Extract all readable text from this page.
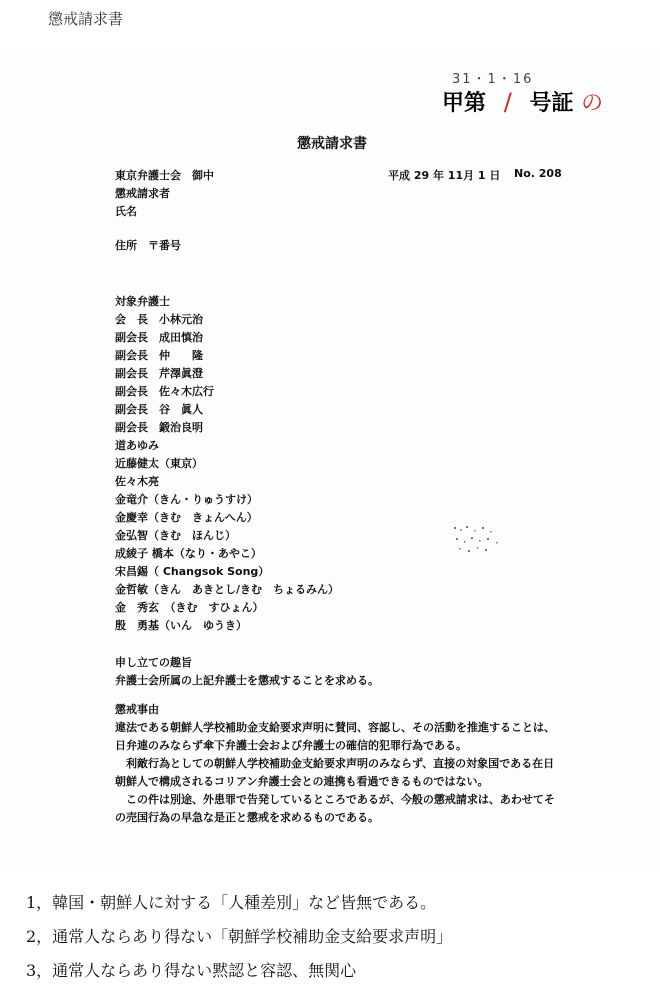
懲戒請求書
31・1・16
甲第 / 号証 の
懲戒請求書
東京弁護士会　御中	平成 29 年 11月 1 日 No. 208
懲戒請求者
氏名
住所　〒番号
対象弁護士
会　長　小林元治
副会長　成田慎治
副会長　仲　　隆
副会長　芹澤眞澄
副会長　佐々木広行
副会長　谷　眞人
副会長　鍛治良明
道あゆみ
近藤健太（東京）
佐々木亮
金竜介（きん・りゅうすけ）
金慶幸（きむ　きょんへん）
金弘智（きむ　ほんじ）
成綾子 橋本（なり・あやこ）
宋昌錫（ Changsok Song）
金哲敏（きん　あきとし/きむ　ちょるみん）
金　秀玄　（きむ　すひょん）
殷　勇基（いん　ゆうき）
申し立ての趣旨
弁護士会所属の上記弁護士を懲戒することを求める。
懲戒事由
違法である朝鮮人学校補助金支給要求声明に賛同、容認し、その活動を推進することは、
日弁連のみならず傘下弁護士会および弁護士の確信的犯罪行為である。
　利敵行為としての朝鮮人学校補助金支給要求声明のみならず、直接の対象国である在日
朝鮮人で構成されるコリアン弁護士会との連携も看過できるものではない。
　この件は別途、外患罪で告発しているところであるが、今般の懲戒請求は、あわせてそ
の売国行為の早急な是正と懲戒を求めるものである。
1，韓国・朝鮮人に対する「人種差別」など皆無である。
2，通常人ならあり得ない「朝鮮学校補助金支給要求声明」
3，通常人ならあり得ない黙認と容認、無関心
